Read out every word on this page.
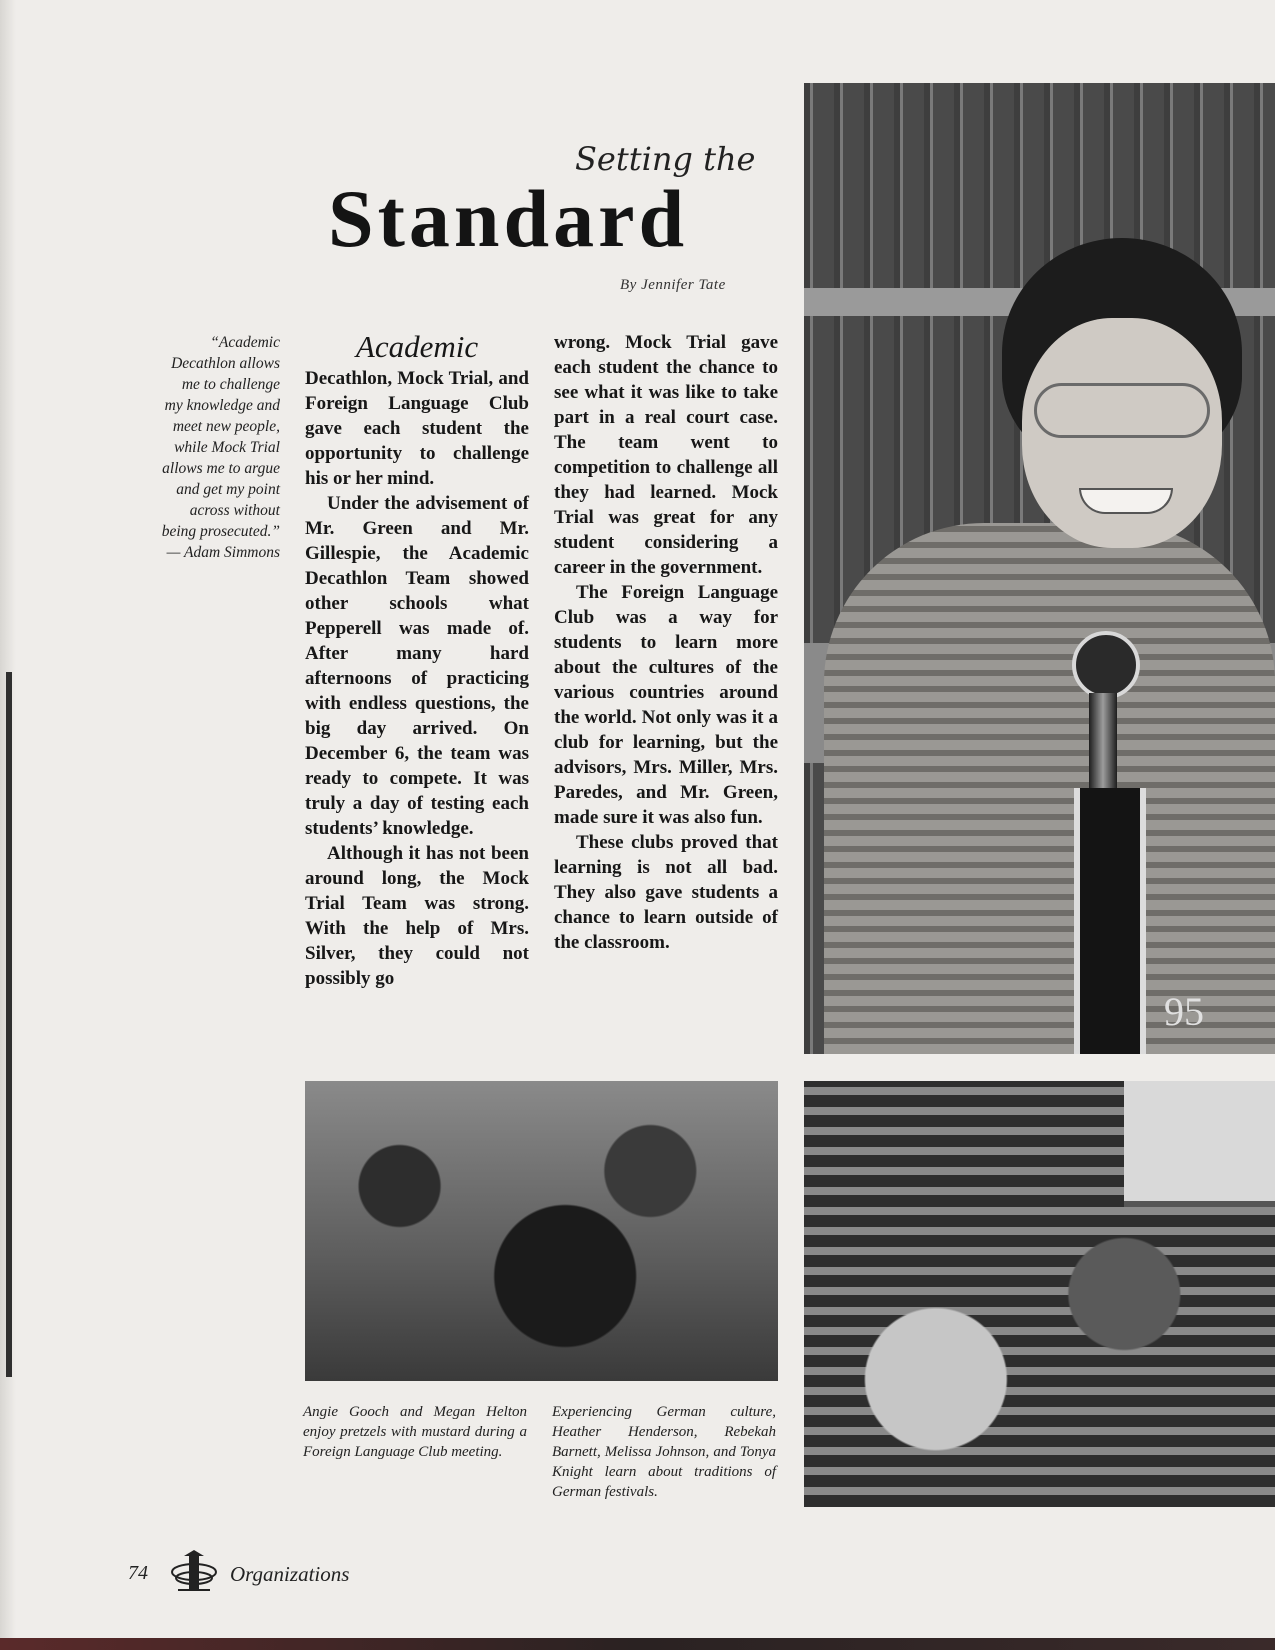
Setting the
Standard
By Jennifer Tate
“Academic Decathlon allows me to challenge my knowledge and meet new people, while Mock Trial allows me to argue and get my point across without being prosecuted.”
— Adam Simmons
Academic

Decathlon, Mock Trial, and Foreign Language Club gave each student the opportunity to challenge his or her mind.

Under the advisement of Mr. Green and Mr. Gillespie, the Academic Decathlon Team showed other schools what Pepperell was made of. After many hard afternoons of practicing with endless questions, the big day arrived. On December 6, the team was ready to compete. It was truly a day of testing each students’ knowledge.

Although it has not been around long, the Mock Trial Team was strong. With the help of Mrs. Silver, they could not possibly go

wrong. Mock Trial gave each student the chance to see what it was like to take part in a real court case. The team went to competition to challenge all they had learned. Mock Trial was great for any student considering a career in the government.

The Foreign Language Club was a way for students to learn more about the cultures of the various countries around the world. Not only was it a club for learning, but the advisors, Mrs. Miller, Mrs. Paredes, and Mr. Green, made sure it was also fun.

These clubs proved that learning is not all bad. They also gave students a chance to learn outside of the classroom.

95
Angie Gooch and Megan Helton enjoy pretzels with mustard during a Foreign Language Club meeting.
Experiencing German culture, Heather Henderson, Rebekah Barnett, Melissa Johnson, and Tonya Knight learn about traditions of German festivals.
74	Organizations
